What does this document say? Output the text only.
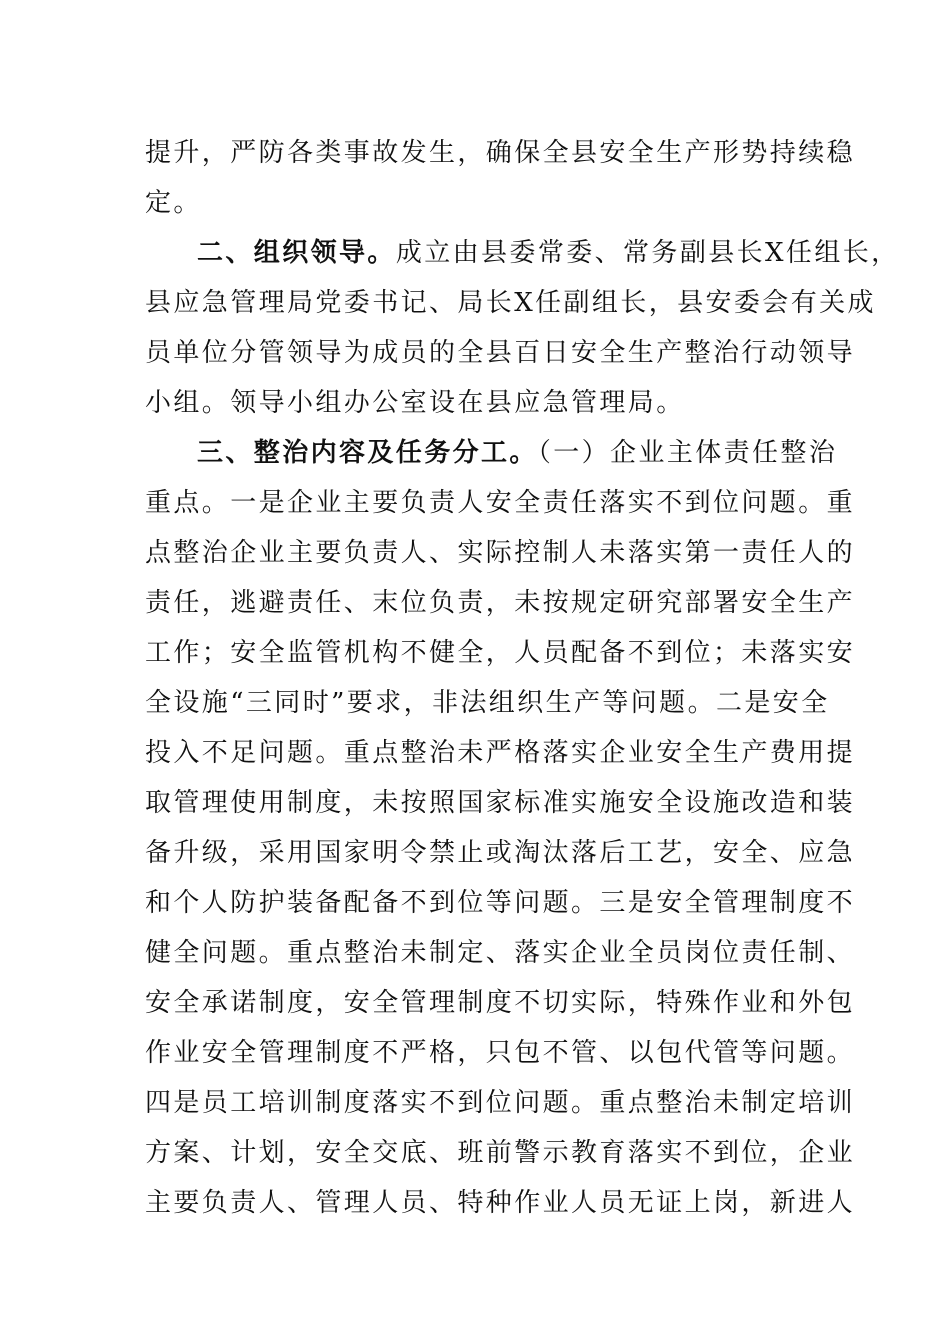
提升，严防各类事故发生，确保全县安全生产形势持续稳
定。
二、组织领导。成立由县委常委、常务副县长X任组长，
县应急管理局党委书记、局长X任副组长，县安委会有关成
员单位分管领导为成员的全县百日安全生产整治行动领导
小组。领导小组办公室设在县应急管理局。
三、整治内容及任务分工。（一）企业主体责任整治
重点。一是企业主要负责人安全责任落实不到位问题。重
点整治企业主要负责人、实际控制人未落实第一责任人的
责任，逃避责任、末位负责，未按规定研究部署安全生产
工作；安全监管机构不健全，人员配备不到位；未落实安
全设施“三同时”要求，非法组织生产等问题。二是安全
投入不足问题。重点整治未严格落实企业安全生产费用提
取管理使用制度，未按照国家标准实施安全设施改造和装
备升级，采用国家明令禁止或淘汰落后工艺，安全、应急
和个人防护装备配备不到位等问题。三是安全管理制度不
健全问题。重点整治未制定、落实企业全员岗位责任制、
安全承诺制度，安全管理制度不切实际，特殊作业和外包
作业安全管理制度不严格，只包不管、以包代管等问题。
四是员工培训制度落实不到位问题。重点整治未制定培训
方案、计划，安全交底、班前警示教育落实不到位，企业
主要负责人、管理人员、特种作业人员无证上岗，新进人
